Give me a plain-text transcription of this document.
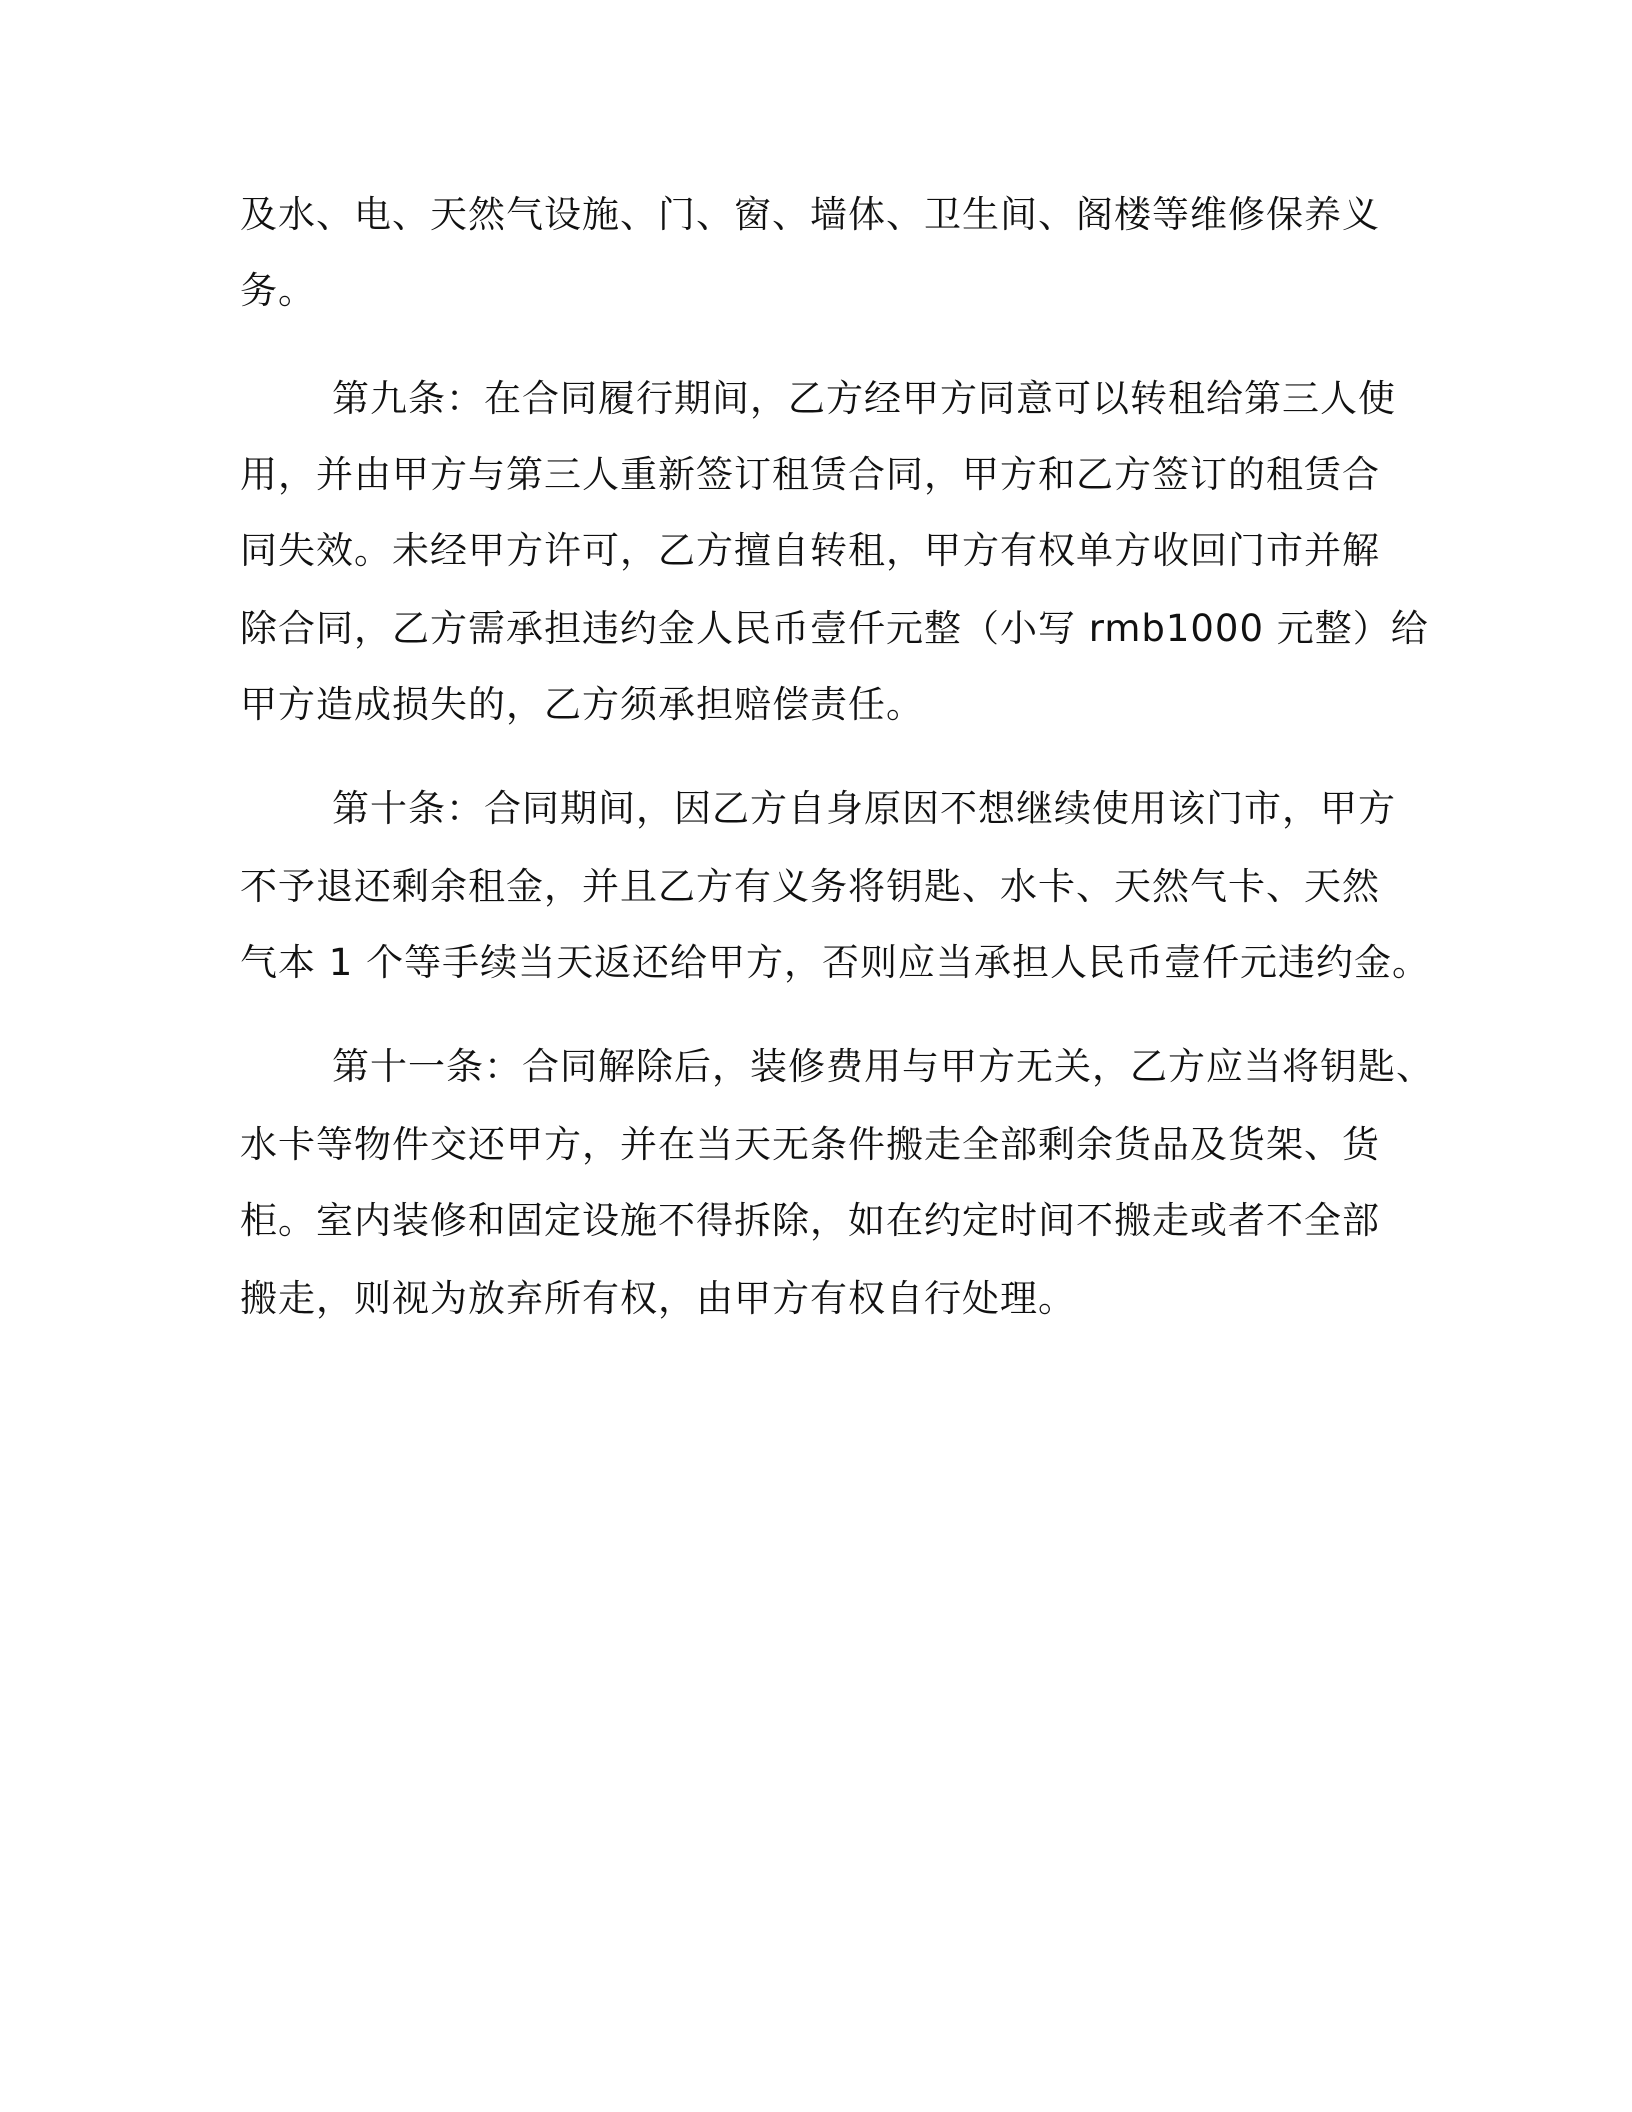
及水、电、天然气设施、门、窗、墙体、卫生间、阁楼等维修保养义

务。

第九条：在合同履行期间，乙方经甲方同意可以转租给第三人使

用，并由甲方与第三人重新签订租赁合同，甲方和乙方签订的租赁合

同失效。未经甲方许可，乙方擅自转租，甲方有权单方收回门市并解

除合同，乙方需承担违约金人民币壹仟元整（小写 rmb1000 元整）给

甲方造成损失的，乙方须承担赔偿责任。

第十条：合同期间，因乙方自身原因不想继续使用该门市，甲方

不予退还剩余租金，并且乙方有义务将钥匙、水卡、天然气卡、天然

气本 1 个等手续当天返还给甲方，否则应当承担人民币壹仟元违约金。

第十一条：合同解除后，装修费用与甲方无关，乙方应当将钥匙、

水卡等物件交还甲方，并在当天无条件搬走全部剩余货品及货架、货

柜。室内装修和固定设施不得拆除，如在约定时间不搬走或者不全部

搬走，则视为放弃所有权，由甲方有权自行处理。
